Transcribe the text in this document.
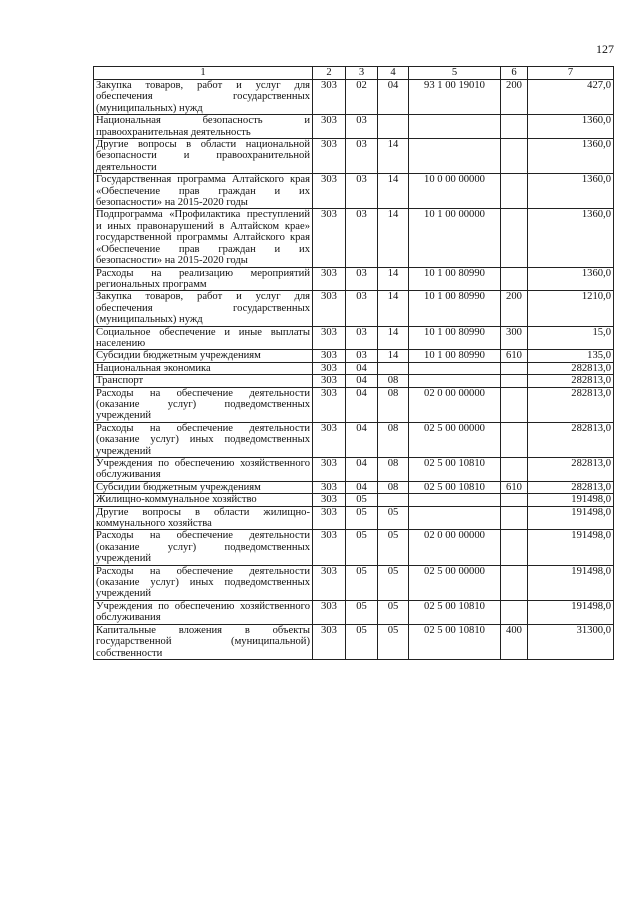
127
1	2	3	4	5	6	7
Закупка товаров, работ и услуг для обеспечения государственных (муниципальных) нужд	303	02	04	93 1 00 19010	200	427,0
Национальная безопасность и правоохранительная деятельность	303	03				1360,0
Другие вопросы в области национальной безопасности и правоохранительной деятельности	303	03	14			1360,0
Государственная программа Алтайского края «Обеспечение прав граждан и их безопасности» на 2015-2020 годы	303	03	14	10 0 00 00000		1360,0
Подпрограмма «Профилактика преступлений и иных правонарушений в Алтайском крае» государственной программы Алтайского края «Обеспечение прав граждан и их безопасности» на 2015-2020 годы	303	03	14	10 1 00 00000		1360,0
Расходы на реализацию мероприятий региональных программ	303	03	14	10 1 00 80990		1360,0
Закупка товаров, работ и услуг для обеспечения государственных (муниципальных) нужд	303	03	14	10 1 00 80990	200	1210,0
Социальное обеспечение и иные выплаты населению	303	03	14	10 1 00 80990	300	15,0
Субсидии бюджетным учреждениям	303	03	14	10 1 00 80990	610	135,0
Национальная экономика	303	04				282813,0
Транспорт	303	04	08			282813,0
Расходы на обеспечение деятельности (оказание услуг) подведомственных учреждений	303	04	08	02 0 00 00000		282813,0
Расходы на обеспечение деятельности (оказание услуг) иных подведомственных учреждений	303	04	08	02 5 00 00000		282813,0
Учреждения по обеспечению хозяйственного обслуживания	303	04	08	02 5 00 10810		282813,0
Субсидии бюджетным учреждениям	303	04	08	02 5 00 10810	610	282813,0
Жилищно-коммунальное хозяйство	303	05				191498,0
Другие вопросы в области жилищно-коммунального хозяйства	303	05	05			191498,0
Расходы на обеспечение деятельности (оказание услуг) подведомственных учреждений	303	05	05	02 0 00 00000		191498,0
Расходы на обеспечение деятельности (оказание услуг) иных подведомственных учреждений	303	05	05	02 5 00 00000		191498,0
Учреждения по обеспечению хозяйственного обслуживания	303	05	05	02 5 00 10810		191498,0
Капитальные вложения в объекты государственной (муниципальной) собственности	303	05	05	02 5 00 10810	400	31300,0
